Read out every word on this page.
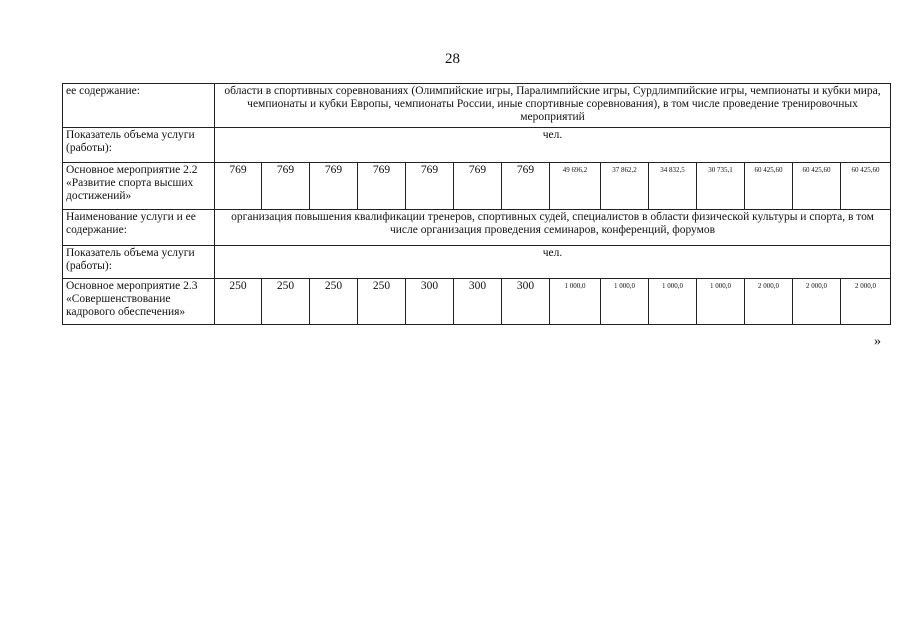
28
ее содержание:	области в спортивных соревнованиях (Олимпийские игры, Паралимпийские игры, Сурдлимпийские игры, чемпионаты и кубки мира, чемпионаты и кубки Европы, чемпионаты России, иные спортивные соревнования), в том числе проведение тренировочных мероприятий													
Показатель объема услуги (работы):	чел.													
Основное мероприятие 2.2 «Развитие спорта высших достижений»	769	769	769	769	769	769	769	49 696,2	37 862,2	34 832,5	30 735,1	60 425,60	60 425,60	60 425,60
Наименование услуги и ее содержание:	организация повышения квалификации тренеров, спортивных судей, специалистов в области физической культуры и спорта, в том числе организация проведения семинаров, конференций, форумов													
Показатель объема услуги (работы):	чел.													
Основное мероприятие 2.3 «Совершенствование кадрового обеспечения»	250	250	250	250	300	300	300	1 000,0	1 000,0	1 000,0	1 000,0	2 000,0	2 000,0	2 000,0
»
